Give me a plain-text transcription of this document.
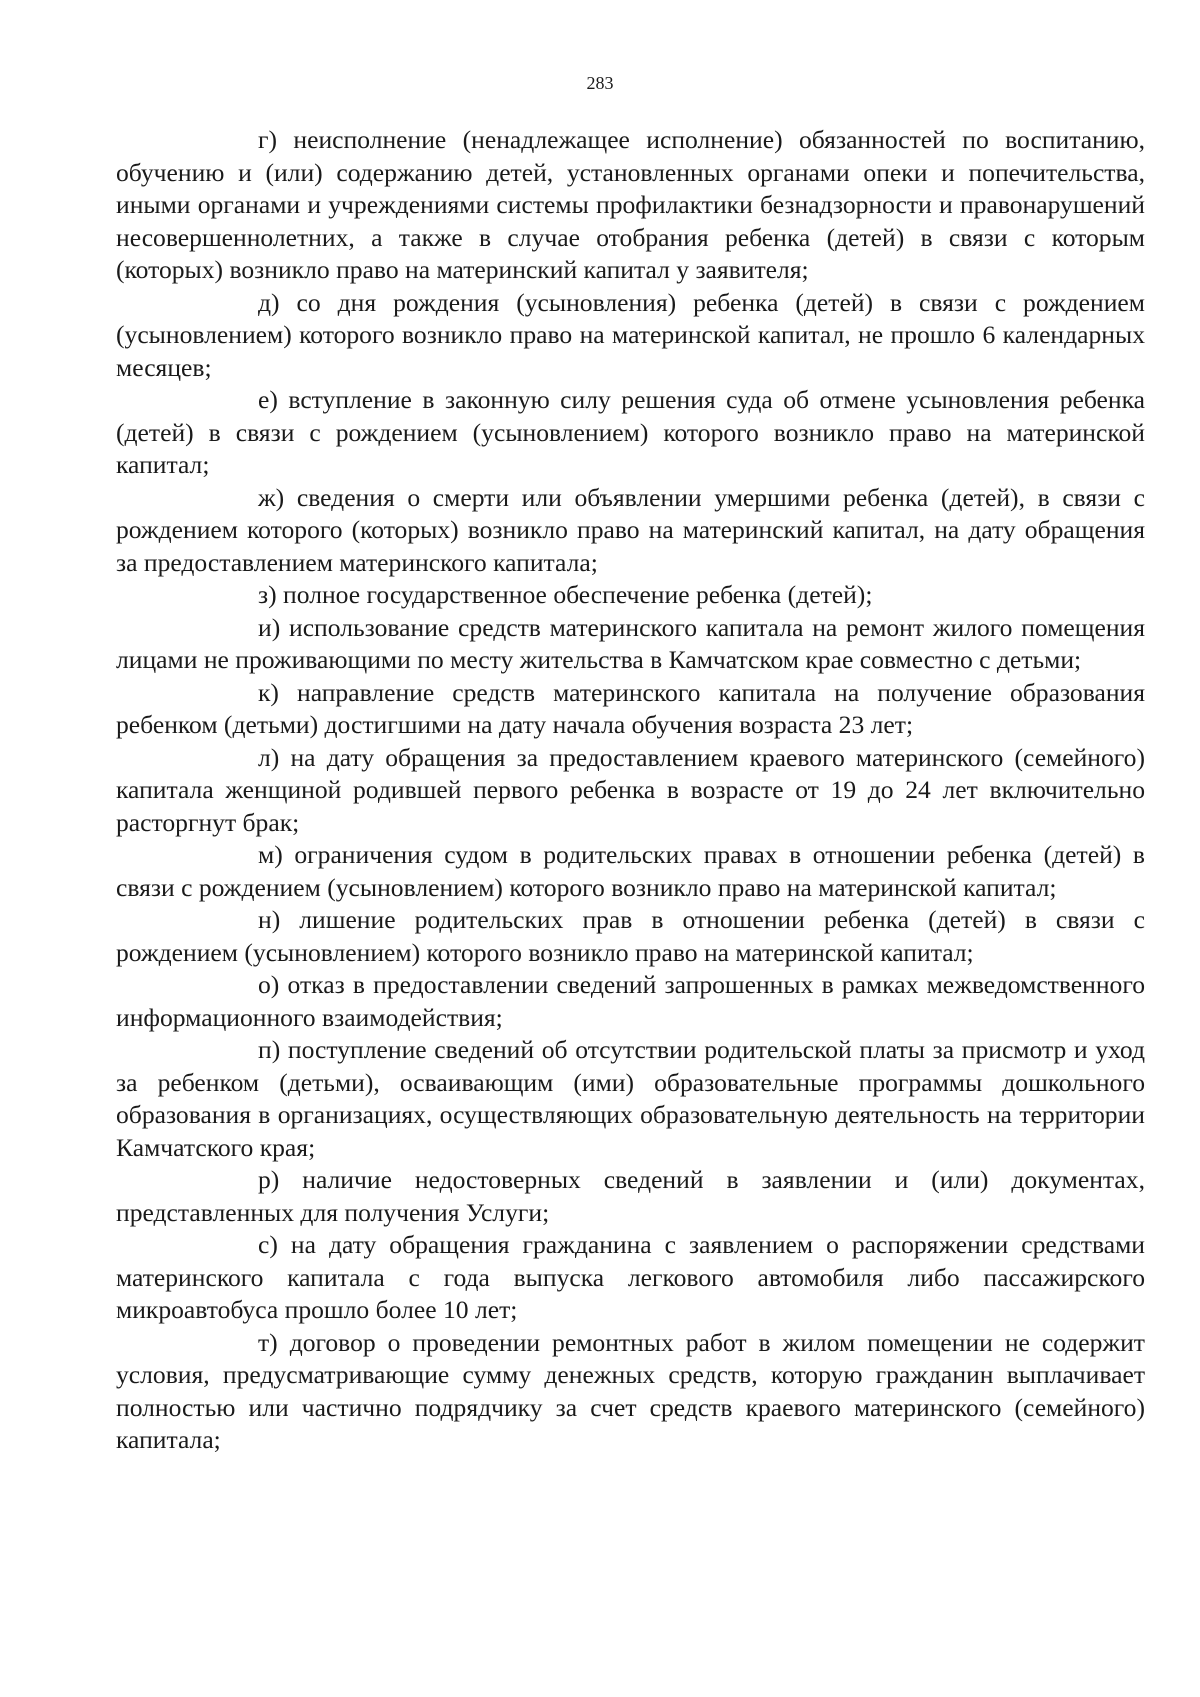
283

г) неисполнение (ненадлежащее исполнение) обязанностей по воспитанию, обучению и (или) содержанию детей, установленных органами опеки и попечительства, иными органами и учреждениями системы профилактики безнадзорности и правонарушений несовершеннолетних, а также в случае отобрания ребенка (детей) в связи с которым (которых) возникло право на материнский капитал у заявителя;

д) со дня рождения (усыновления) ребенка (детей) в связи с рождением (усыновлением) которого возникло право на материнской капитал, не прошло 6 календарных месяцев;

е) вступление в законную силу решения суда об отмене усыновления ребенка (детей) в связи с рождением (усыновлением) которого возникло право на материнской капитал;

ж) сведения о смерти или объявлении умершими ребенка (детей), в связи с рождением которого (которых) возникло право на материнский капитал, на дату обращения за предоставлением материнского капитала;

з) полное государственное обеспечение ребенка (детей);

и) использование средств материнского капитала на ремонт жилого помещения лицами не проживающими по месту жительства в Камчатском крае совместно с детьми;

к) направление средств материнского капитала на получение образования ребенком (детьми) достигшими на дату начала обучения возраста 23 лет;

л) на дату обращения за предоставлением краевого материнского (семейного) капитала женщиной родившей первого ребенка в возрасте от 19 до 24 лет включительно расторгнут брак;

м) ограничения судом в родительских правах в отношении ребенка (детей) в связи с рождением (усыновлением) которого возникло право на материнской капитал;

н) лишение родительских прав в отношении ребенка (детей) в связи с рождением (усыновлением) которого возникло право на материнской капитал;

о) отказ в предоставлении сведений запрошенных в рамках межведомственного информационного взаимодействия;

п) поступление сведений об отсутствии родительской платы за присмотр и уход за ребенком (детьми), осваивающим (ими) образовательные программы дошкольного образования в организациях, осуществляющих образовательную деятельность на территории Камчатского края;

р) наличие недостоверных сведений в заявлении и (или) документах, представленных для получения Услуги;

с) на дату обращения гражданина с заявлением о распоряжении средствами материнского капитала с года выпуска легкового автомобиля либо пассажирского микроавтобуса прошло более 10 лет;

т) договор о проведении ремонтных работ в жилом помещении не содержит условия, предусматривающие сумму денежных средств, которую гражданин выплачивает полностью или частично подрядчику за счет средств краевого материнского (семейного) капитала;
